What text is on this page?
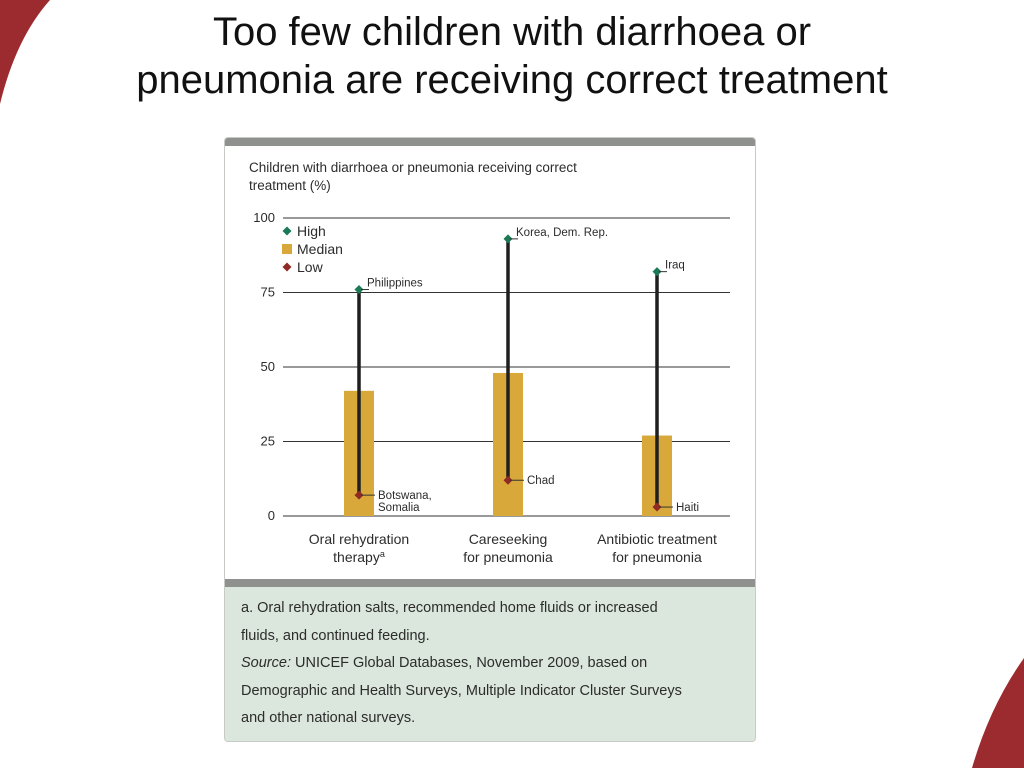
Too few children with diarrhoea or
pneumonia are receiving correct treatment
Children with diarrhoea or pneumonia receiving correct
treatment (%)
0
25
50
75
100
Philippines
Botswana,
Somalia
Korea, Dem. Rep.
Chad
Iraq
Haiti
Oral rehydration
therapy$^a$
Careseeking
for pneumonia
Antibiotic treatment
for pneumonia
High
Median
Low

a. Oral rehydration salts, recommended home fluids or increased

fluids, and continued feeding.

Source: UNICEF Global Databases, November 2009, based on

Demographic and Health Surveys, Multiple Indicator Cluster Surveys

and other national surveys.
